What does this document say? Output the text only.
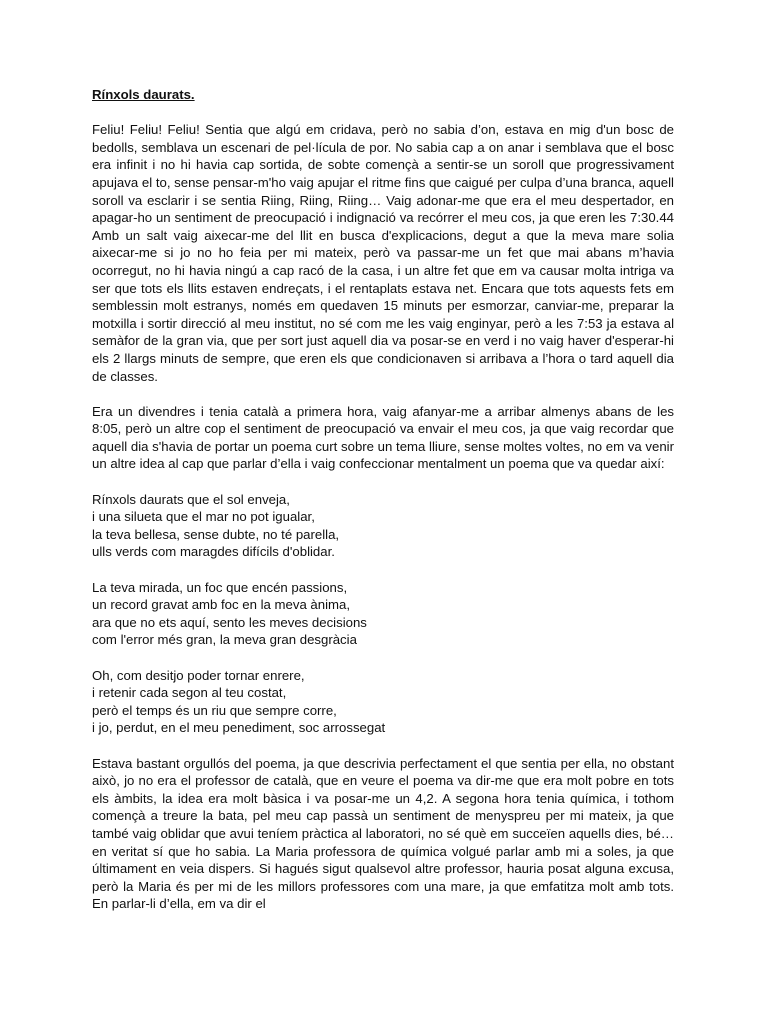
Rínxols daurats.

Feliu! Feliu! Feliu! Sentia que algú em cridava, però no sabia d’on, estava en mig d'un bosc de bedolls, semblava un escenari de pel·lícula de por. No sabia cap a on anar i semblava que el bosc era infinit i no hi havia cap sortida, de sobte començà a sentir-se un soroll que progressivament apujava el to, sense pensar-m'ho vaig apujar el ritme fins que caigué per culpa d’una branca, aquell soroll va esclarir i se sentia Riing, Riing, Riing… Vaig adonar-me que era el meu despertador, en apagar-ho un sentiment de preocupació i indignació va recórrer el meu cos, ja que eren les 7:30.44 Amb un salt vaig aixecar-me del llit en busca d'explicacions, degut a que la meva mare solia aixecar-me si jo no ho feia per mi mateix, però va passar-me un fet que mai abans m’havia ocorregut, no hi havia ningú a cap racó de la casa, i un altre fet que em va causar molta intriga va ser que tots els llits estaven endreçats, i el rentaplats estava net. Encara que tots aquests fets em semblessin molt estranys, només em quedaven 15 minuts per esmorzar, canviar-me, preparar la motxilla i sortir direcció al meu institut, no sé com me les vaig enginyar, però a les 7:53 ja estava al semàfor de la gran via, que per sort just aquell dia va posar-se en verd i no vaig haver d'esperar-hi els 2 llargs minuts de sempre, que eren els que condicionaven si arribava a l’hora o tard aquell dia de classes.

Era un divendres i tenia català a primera hora, vaig afanyar-me a arribar almenys abans de les 8:05, però un altre cop el sentiment de preocupació va envair el meu cos, ja que vaig recordar que aquell dia s'havia de portar un poema curt sobre un tema lliure, sense moltes voltes, no em va venir un altre idea al cap que parlar d’ella i vaig confeccionar mentalment un poema que va quedar així:

Rínxols daurats que el sol enveja,
i una silueta que el mar no pot igualar,
la teva bellesa, sense dubte, no té parella,
ulls verds com maragdes difícils d'oblidar.
La teva mirada, un foc que encén passions,
un record gravat amb foc en la meva ànima,
ara que no ets aquí, sento les meves decisions
com l'error més gran, la meva gran desgràcia
Oh, com desitjo poder tornar enrere,
i retenir cada segon al teu costat,
però el temps és un riu que sempre corre,
i jo, perdut, en el meu penediment, soc arrossegat

Estava bastant orgullós del poema, ja que descrivia perfectament el que sentia per ella, no obstant això, jo no era el professor de català, que en veure el poema va dir-me que era molt pobre en tots els àmbits, la idea era molt bàsica i va posar-me un 4,2. A segona hora tenia química, i tothom començà a treure la bata, pel meu cap passà un sentiment de menyspreu per mi mateix, ja que també vaig oblidar que avui teníem pràctica al laboratori, no sé què em succeïen aquells dies, bé… en veritat sí que ho sabia. La Maria professora de química volgué parlar amb mi a soles, ja que últimament en veia dispers. Si hagués sigut qualsevol altre professor, hauria posat alguna excusa, però la Maria és per mi de les millors professores com una mare, ja que emfatitza molt amb tots. En parlar-li d’ella, em va dir el
